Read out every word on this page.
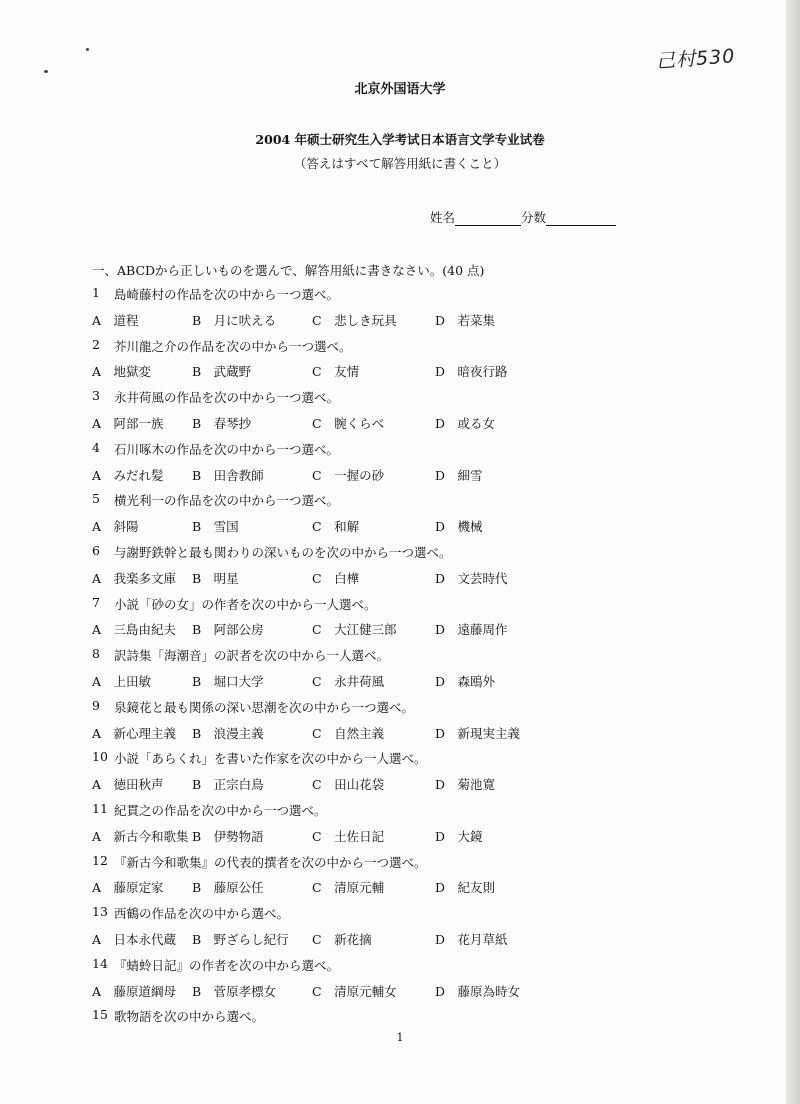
己村530
北京外国语大学
2004 年硕士研究生入学考试日本语言文学专业试卷
（答えはすべて解答用紙に書くこと）
姓名	分数
一、ABCDから正しいものを選んで、解答用紙に書きなさい。(40 点)
1 島崎藤村の作品を次の中から一つ選べ。
A　道程	B　月に吠える	C　悲しき玩具	D　若菜集
2 芥川龍之介の作品を次の中から一つ選べ。
A　地獄変	B　武蔵野	C　友情	D　暗夜行路
3 永井荷風の作品を次の中から一つ選べ。
A　阿部一族 B　春琴抄	C　腕くらべ	D　或る女
4 石川啄木の作品を次の中から一つ選べ。
A　みだれ髪 B　田舎教師	C　一握の砂	D　細雪
5 横光利一の作品を次の中から一つ選べ。
A　斜陽	B　雪国	C　和解	D　機械
6 与謝野鉄幹と最も関わりの深いものを次の中から一つ選べ。
A　我楽多文庫 B　明星	C　白樺	D　文芸時代
7 小説「砂の女」の作者を次の中から一人選べ。
A　三島由紀夫 B　阿部公房	C　大江健三郎	D　遠藤周作
8 訳詩集「海潮音」の訳者を次の中から一人選べ。
A　上田敏	B　堀口大学	C　永井荷風	D　森鴎外
9 泉鏡花と最も関係の深い思潮を次の中から一つ選べ。
A　新心理主義 B　浪漫主義	C　自然主義	D　新現実主義
10 小説「あらくれ」を書いた作家を次の中から一人選べ。
A　徳田秋声 B　正宗白鳥	C　田山花袋	D　菊池寛
11 紀貫之の作品を次の中から一つ選べ。
A　新古今和歌集 B　伊勢物語	C　土佐日記	D　大鏡
12 『新古今和歌集』の代表的撰者を次の中から一つ選べ。
A　藤原定家 B　藤原公任	C　清原元輔	D　紀友則
13 西鶴の作品を次の中から選べ。
A　日本永代蔵 B　野ざらし紀行 C　新花摘	D　花月草紙
14 『蜻蛉日記』の作者を次の中から選べ。
A　藤原道綱母 B　菅原孝標女	C　清原元輔女	D　藤原為時女
15 歌物語を次の中から選べ。
1
